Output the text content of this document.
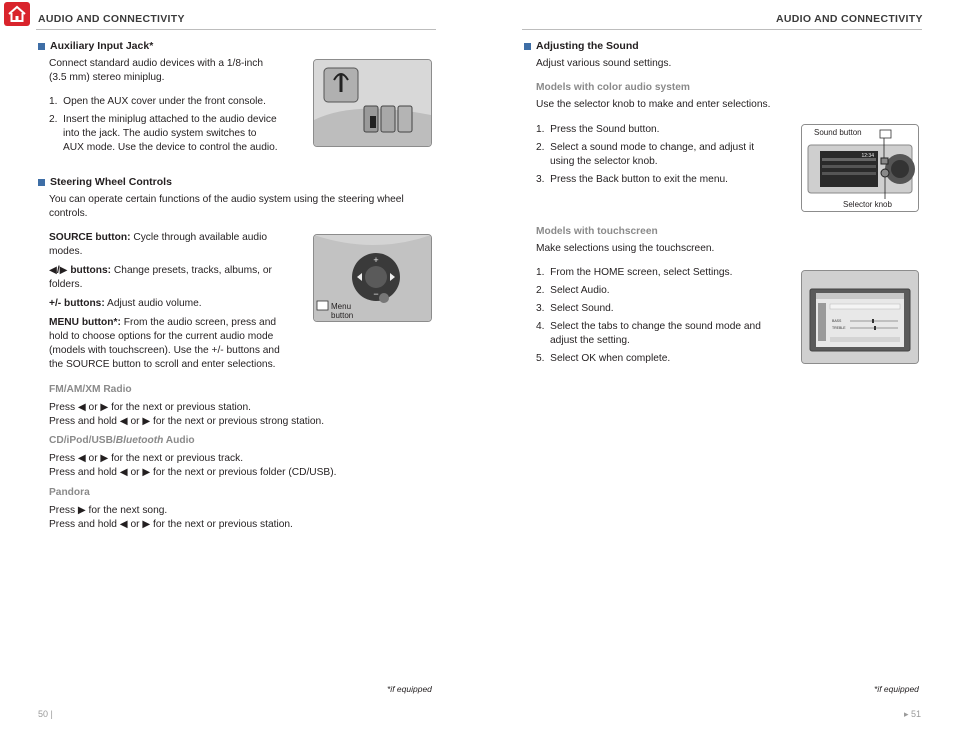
AUDIO AND CONNECTIVITY
Auxiliary Input Jack*
Connect standard audio devices with a 1/8-inch
(3.5 mm) stereo miniplug.
1. Open the AUX cover under the front console.
2. Insert the miniplug attached to the audio device
into the jack. The audio system switches to
AUX mode. Use the device to control the audio.
Steering Wheel Controls
You can operate certain functions of the audio system using the steering wheel
controls.
SOURCE button: Cycle through available audio
modes.
◀/▶ buttons: Change presets, tracks, albums, or
folders.
+/- buttons: Adjust audio volume.
MENU button*: From the audio screen, press and
hold to choose options for the current audio mode
(models with touchscreen). Use the +/- buttons and
the SOURCE button to scroll and enter selections.
+
−
Menu
button
FM/AM/XM Radio
Press ◀ or ▶ for the next or previous station.
Press and hold ◀ or ▶ for the next or previous strong station.
CD/iPod/USB/Bluetooth Audio
Press ◀ or ▶ for the next or previous track.
Press and hold ◀ or ▶ for the next or previous folder (CD/USB).
Pandora
Press ▶ for the next song.
Press and hold ◀ or ▶ for the next or previous station.
*if equipped
50 |
AUDIO AND CONNECTIVITY
Adjusting the Sound
Adjust various sound settings.
Models with color audio system
Use the selector knob to make and enter selections.
1. Press the Sound button.
2. Select a sound mode to change, and adjust it
using the selector knob.
3. Press the Back button to exit the menu.
12:34
Sound button
Selector knob
Models with touchscreen
Make selections using the touchscreen.
1. From the HOME screen, select Settings.
2. Select Audio.
3. Select Sound.
4. Select the tabs to change the sound mode and
adjust the setting.
5. Select OK when complete.
BASS
TREBLE
*if equipped
▸ 51
